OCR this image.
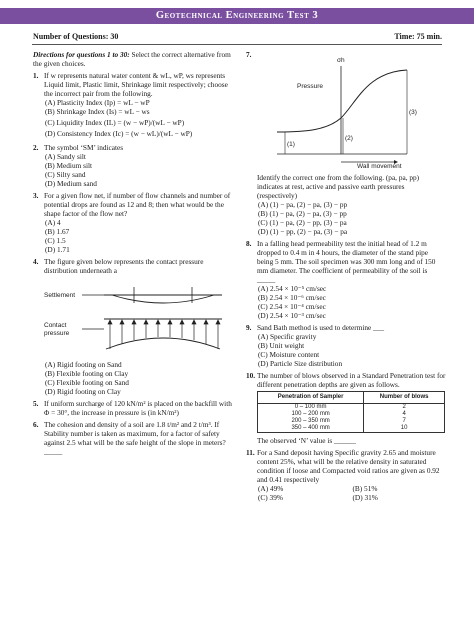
Geotechnical Engineering Test 3
Number of Questions: 30	Time: 75 min.
Directions for questions 1 to 30: Select the correct alternative from the given choices.
1. If w represents natural water content & wL, wP, ws represents Liquid limit, Plastic limit, Shrinkage limit respectively; choose the incorrect pair from the following.
(A) Plasticity Index (Ip) = wL − wP
(B) Shrinkage Index (Is) = wL − ws
(C) Liquidity Index (IL) = (w − wP)/(wL − wP)
(D) Consistency Index (Ic) = (w − wL)/(wL − wP)
2. The symbol ‘SM’ indicates
(A) Sandy silt
(B) Medium silt
(C) Silty sand
(D) Medium sand
3. For a given flow net, if number of flow channels and number of potential drops are found as 12 and 8; then what would be the shape factor of the flow net?
(A) 4
(B) 1.67
(C) 1.5
(D) 1.71
4. The figure given below represents the contact pressure distribution underneath a
Settlement
Contact
pressure
(A) Rigid footing on Sand
(B) Flexible footing on Clay
(C) Flexible footing on Sand
(D) Rigid footing on Clay
5. If uniform surcharge of 120 kN/m² is placed on the backfill with Φ = 30°, the increase in pressure is (in kN/m²)
6. The cohesion and density of a soil are 1.8 t/m² and 2 t/m³. If Stability number is taken as maximum, for a factor of safety against 2.5 what will be the safe height of the slope in meters? _____
7.
σh
Pressure
Wall movement
(1)
(2)
(3)
Identify the correct one from the following. (pa, pa, pp) indicates at rest, active and passive earth pressures (respectively)
(A) (1) − pa, (2) − pa, (3) − pp
(B) (1) − pa, (2) − pa, (3) − pp
(C) (1) − pa, (2) − pp, (3) − pa
(D) (1) − pp, (2) − pa, (3) − pa
8. In a falling head permeability test the initial head of 1.2 m dropped to 0.4 m in 4 hours, the diameter of the stand pipe being 5 mm. The soil specimen was 300 mm long and of 150 mm diameter. The coefficient of permeability of the soil is _____
(A) 2.54 × 10⁻⁵ cm/sec
(B) 2.54 × 10⁻⁶ cm/sec
(C) 2.54 × 10⁻⁴ cm/sec
(D) 2.54 × 10⁻³ cm/sec
9. Sand Bath method is used to determine ___
(A) Specific gravity
(B) Unit weight
(C) Moisture content
(D) Particle Size distribution
10. The number of blows observed in a Standard Penetration test for different penetration depths are given as follows.
Penetration of Sampler	Number of blows
0 – 100 mm	2
100 – 200 mm	4
200 – 350 mm	7
350 – 400 mm	10
The observed ‘N’ value is ______
11. For a Sand deposit having Specific gravity 2.65 and moisture content 25%, what will be the relative density in saturated condition if loose and Compacted void ratios are given as 0.92 and 0.41 respectively
(A) 49%	(B) 51%
(C) 39%	(D) 31%
